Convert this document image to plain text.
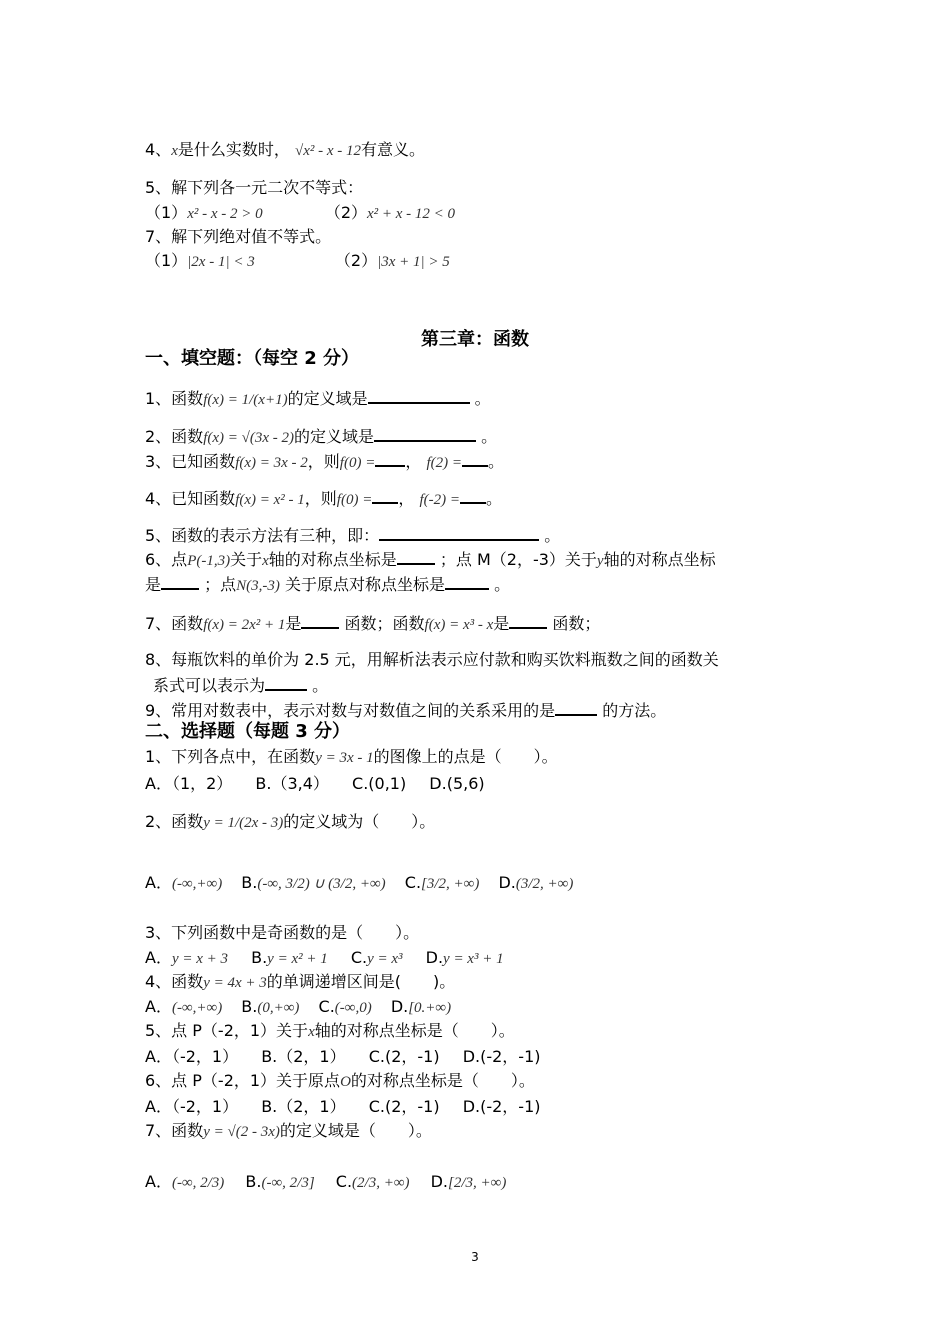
4、x是什么实数时， √x² - x - 12有意义。
5、解下列各一元二次不等式：
（1）x² - x - 2 > 0	（2）x² + x - 12 < 0
7、解下列绝对值不等式。
（1）|2x - 1| < 3	（2）|3x + 1| > 5
第三章：函数
一、填空题：（每空 2 分）
1、函数f(x) = 1/(x+1)的定义域是	。
2、函数f(x) = √(3x - 2)的定义域是	。
3、已知函数f(x) = 3x - 2，则f(0) = ， f(2) = 。
4、已知函数f(x) = x² - 1，则f(0) = ， f(-2) = 。
5、函数的表示方法有三种，即：	。
6、点P(-1,3)关于x轴的对称点坐标是	；点 M（2，-3）关于y轴的对称点坐标
是	；点N(3,-3) 关于原点对称点坐标是	。
7、函数f(x) = 2x² + 1是	函数；函数f(x) = x³ - x是	函数；
8、每瓶饮料的单价为 2.5 元，用解析法表示应付款和购买饮料瓶数之间的函数关
系式可以表示为	。
9、常用对数表中，表示对数与对数值之间的关系采用的是	的方法。
二、选择题（每题 3 分）
1、下列各点中，在函数y = 3x - 1的图像上的点是（　　）。
A．（1，2） B.（3,4） C.(0,1) D.(5,6)
2、函数y = 1/(2x - 3)的定义域为（　　）。
A．(-∞,+∞) B.(-∞, 3/2) ∪ (3/2, +∞) C.[3/2, +∞) D.(3/2, +∞)
3、下列函数中是奇函数的是（　　）。
A．y = x + 3 B.y = x² + 1 C.y = x³ D.y = x³ + 1
4、函数y = 4x + 3的单调递增区间是(　　)。
A．(-∞,+∞) B.(0,+∞) C.(-∞,0) D.[0.+∞)
5、点 P（-2，1）关于x轴的对称点坐标是（　　）。
A．（-2，1） B.（2，1） C.(2，-1) D.(-2，-1)
6、点 P（-2，1）关于原点O的对称点坐标是（　　）。
A．（-2，1） B.（2，1） C.(2，-1) D.(-2，-1)
7、函数y = √(2 - 3x)的定义域是（　　）。
A．(-∞, 2/3) B.(-∞, 2/3] C.(2/3, +∞) D.[2/3, +∞)
3
